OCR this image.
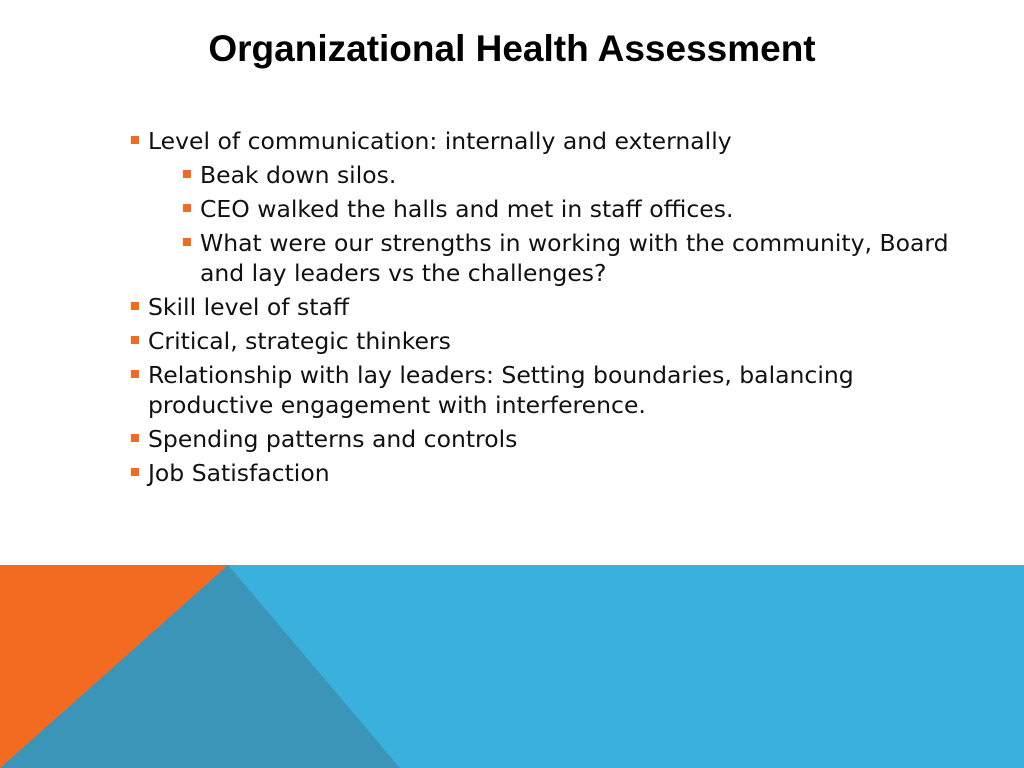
Organizational Health Assessment
Level of communication: internally and externally
Beak down silos.
CEO walked the halls and met in staff offices.
What were our strengths in working with the community, Board and lay leaders vs the challenges?
Skill level of staff
Critical, strategic thinkers
Relationship with lay leaders: Setting boundaries, balancing productive engagement with interference.
Spending patterns and controls
Job Satisfaction
